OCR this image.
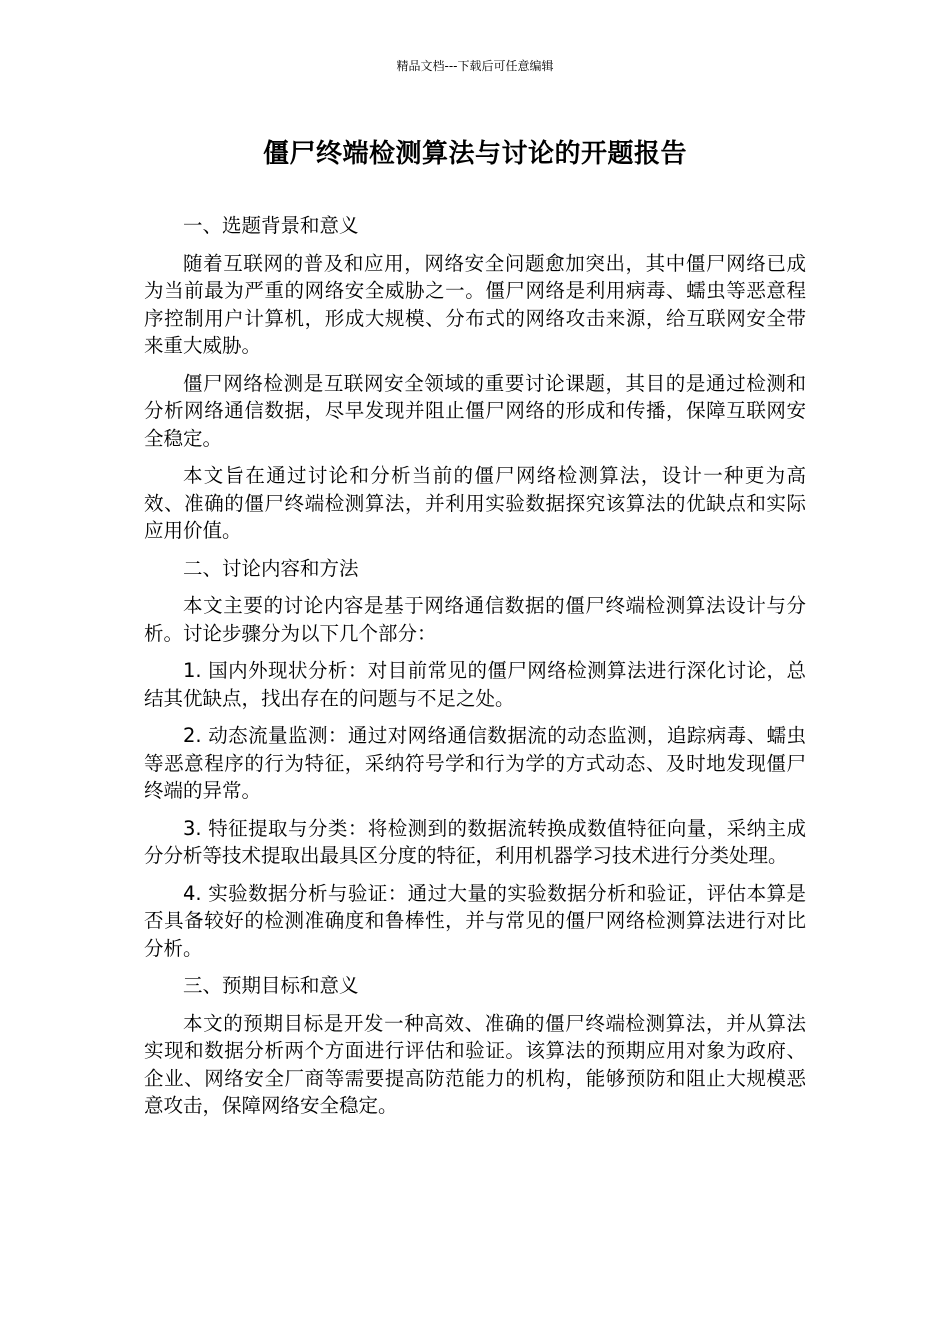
精品文档---下载后可任意编辑
僵尸终端检测算法与讨论的开题报告

一、选题背景和意义

随着互联网的普及和应用，网络安全问题愈加突出，其中僵尸网络已成为当前最为严重的网络安全威胁之一。僵尸网络是利用病毒、蠕虫等恶意程序控制用户计算机，形成大规模、分布式的网络攻击来源，给互联网安全带来重大威胁。

僵尸网络检测是互联网安全领域的重要讨论课题，其目的是通过检测和分析网络通信数据，尽早发现并阻止僵尸网络的形成和传播，保障互联网安全稳定。

本文旨在通过讨论和分析当前的僵尸网络检测算法，设计一种更为高效、准确的僵尸终端检测算法，并利用实验数据探究该算法的优缺点和实际应用价值。

二、讨论内容和方法

本文主要的讨论内容是基于网络通信数据的僵尸终端检测算法设计与分析。讨论步骤分为以下几个部分：

1. 国内外现状分析：对目前常见的僵尸网络检测算法进行深化讨论，总结其优缺点，找出存在的问题与不足之处。

2. 动态流量监测：通过对网络通信数据流的动态监测，追踪病毒、蠕虫等恶意程序的行为特征，采纳符号学和行为学的方式动态、及时地发现僵尸终端的异常。

3. 特征提取与分类：将检测到的数据流转换成数值特征向量，采纳主成分分析等技术提取出最具区分度的特征，利用机器学习技术进行分类处理。

4. 实验数据分析与验证：通过大量的实验数据分析和验证，评估本算是否具备较好的检测准确度和鲁棒性，并与常见的僵尸网络检测算法进行对比分析。

三、预期目标和意义

本文的预期目标是开发一种高效、准确的僵尸终端检测算法，并从算法实现和数据分析两个方面进行评估和验证。该算法的预期应用对象为政府、企业、网络安全厂商等需要提高防范能力的机构，能够预防和阻止大规模恶意攻击，保障网络安全稳定。
